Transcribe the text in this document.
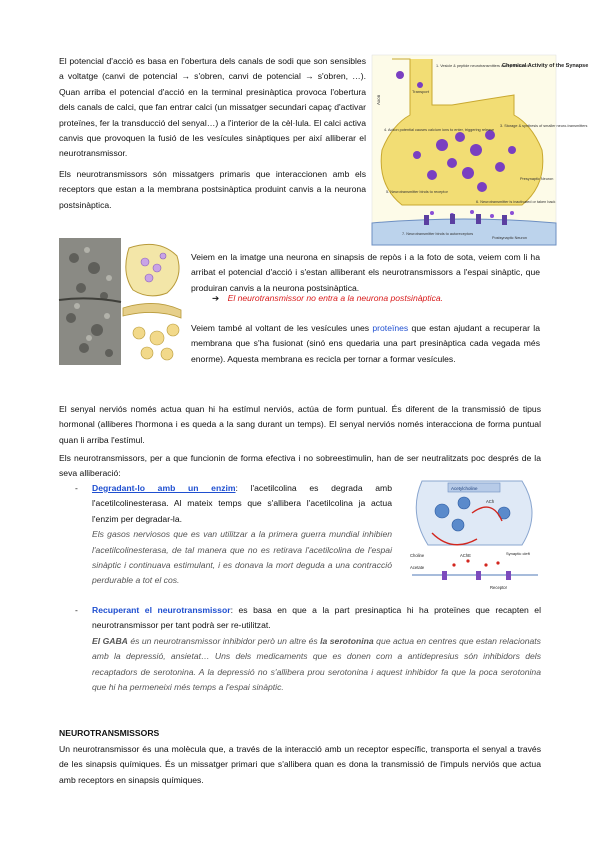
El potencial d'acció es basa en l'obertura dels canals de sodi que son sensibles a voltatge (canvi de potencial → s'obren, canvi de potencial → s'obren, …). Quan arriba el potencial d'acció en la terminal presinàptica provoca l'obertura dels canals de calci, que fan entrar calci (un missatger secundari capaç d'activar proteïnes, fer la transducció del senyal…) a l'interior de la cèl·lula. El calci activa canvis que provoquen la fusió de les vesícules sinàptiques per així alliberar el neurotransmissor.

Chemical Activity of the Synapse
1. Vesicle & peptide neurotransmitters are synthesized
Axon
Transport
4. Action potential causes calcium ions to enter, triggering release
3. Storage & synthesis of smaller neuro-transmitters
5. Neurotransmitter binds to receptor
Presynaptic Neuron
6. Neurotransmitter is inactivated or taken back
7. Neurotransmitter binds to autoreceptors
Postsynaptic Neuron

Els neurotransmissors són missatgers primaris que interaccionen amb els receptors que estan a la membrana postsinàptica produint canvis a la neurona postsinàptica.

Veiem en la imatge una neurona en sinapsis de repòs i a la foto de sota, veiem com li ha arribat el potencial d'acció i s'estan alliberant els neurotransmissors a l'espai sinàptic, que produiran canvis a la neurona postsinàptica.

➔ El neurotransmissor no entra a la neurona postsinàptica.

Veiem també al voltant de les vesícules unes proteïnes que estan ajudant a recuperar la membrana que s'ha fusionat (sinó ens quedaria una part presinàptica cada vegada més enorme). Aquesta membrana es recicla per tornar a formar vesícules.

El senyal nerviós només actua quan hi ha estímul nerviós, actúa de form puntual. És diferent de la transmissió de tipus hormonal (alliberes l'hormona i es queda a la sang durant un temps). El senyal nerviós només interacciona de forma puntual quan li arriba l'estímul.

Els neurotransmissors, per a que funcionin de forma efectiva i no sobreestimulin, han de ser neutralitzats poc després de la seva alliberació:

- Degradant-lo amb un enzim: l'acetilcolina es degrada amb l'acetilcolinesterasa. Al mateix temps que s'allibera l'acetilcolina ja actua l'enzim per degradar-la.

Els gasos nerviosos que es van utilitzar a la primera guerra mundial inhibien l'acetilcolinesterasa, de tal manera que no es retirava l'acetilcolina de l'espai sinàptic i continuava estimulant, i es donava la mort deguda a una contracció perdurable a tot el cos.

Acetylcholine
ACh
Choline
Acetate
AChE	Synaptic cleft
Receptor
- Recuperant el neurotransmissor: es basa en que a la part presinaptica hi ha proteïnes que recapten el neurotransmissor per tant podrà ser re-utilitzat.

El GABA és un neurotransmissor inhibidor però un altre és la serotonina que actua en centres que estan relacionats amb la depressió, ansietat… Uns dels medicaments que es donen com a antidepresius són inhibidors dels recaptadors de serotonina. A la depressió no s'allibera prou serotonina i aquest inhibidor fa que la poca serotonina que hi ha permeneixi més temps a l'espai sinàptic.

NEUROTRANSMISSORS

Un neurotransmissor és una molècula que, a través de la interacció amb un receptor específic, transporta el senyal a través de les sinapsis químiques. És un missatger primari que s'allibera quan es dona la transmissió de l'impuls nerviós que actua amb receptors en sinapsis químiques.
